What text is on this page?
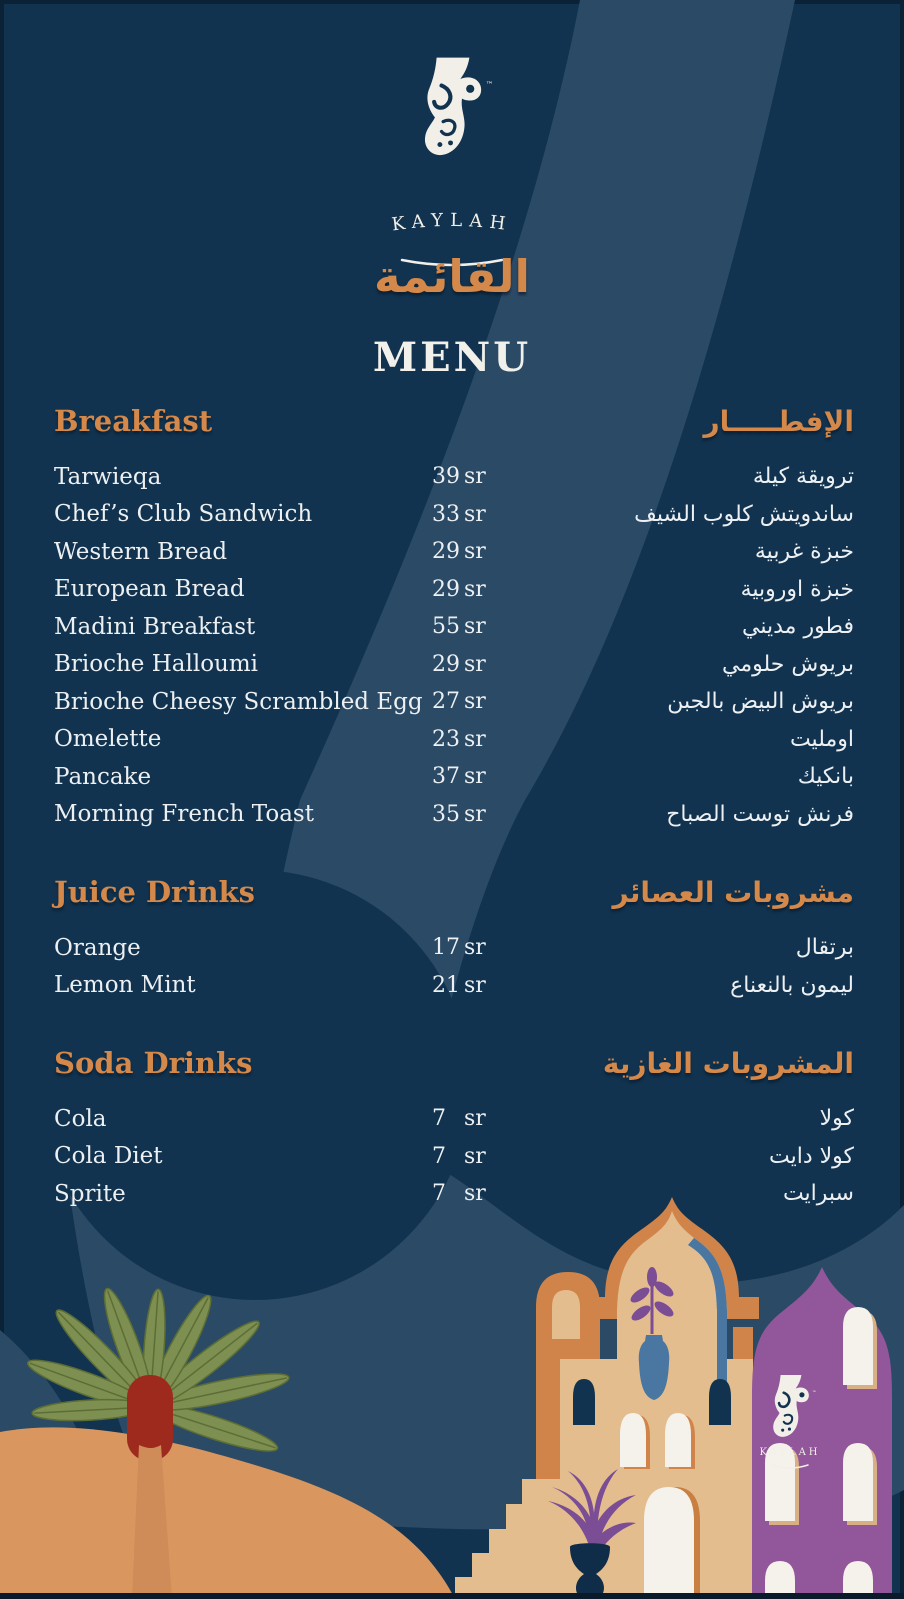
KAYLAH
™
KAYLAH
القائمة
MENU
Breakfast	الإفطـــــار
Tarwieqa	39 sr	ترويقة كيلة
Chef’s Club Sandwich	33 sr	ساندويتش كلوب الشيف
Western Bread	29 sr	خبزة غربية
European Bread	29 sr	خبزة اوروبية
Madini Breakfast	55 sr	فطور مديني
Brioche Halloumi	29 sr	بريوش حلومي
Brioche Cheesy Scrambled Egg 27 sr	بريوش البيض بالجبن
Omelette	23 sr	اومليت
Pancake	37 sr	بانكيك
Morning French Toast	35 sr	فرنش توست الصباح
Juice Drinks	مشروبات العصائر
Orange	17 sr	برتقال
Lemon Mint	21 sr	ليمون بالنعناع
Soda Drinks	المشروبات الغازية
Cola	7 sr	كولا
Cola Diet	7 sr	كولا دايت
Sprite	7 sr	سبرايت
